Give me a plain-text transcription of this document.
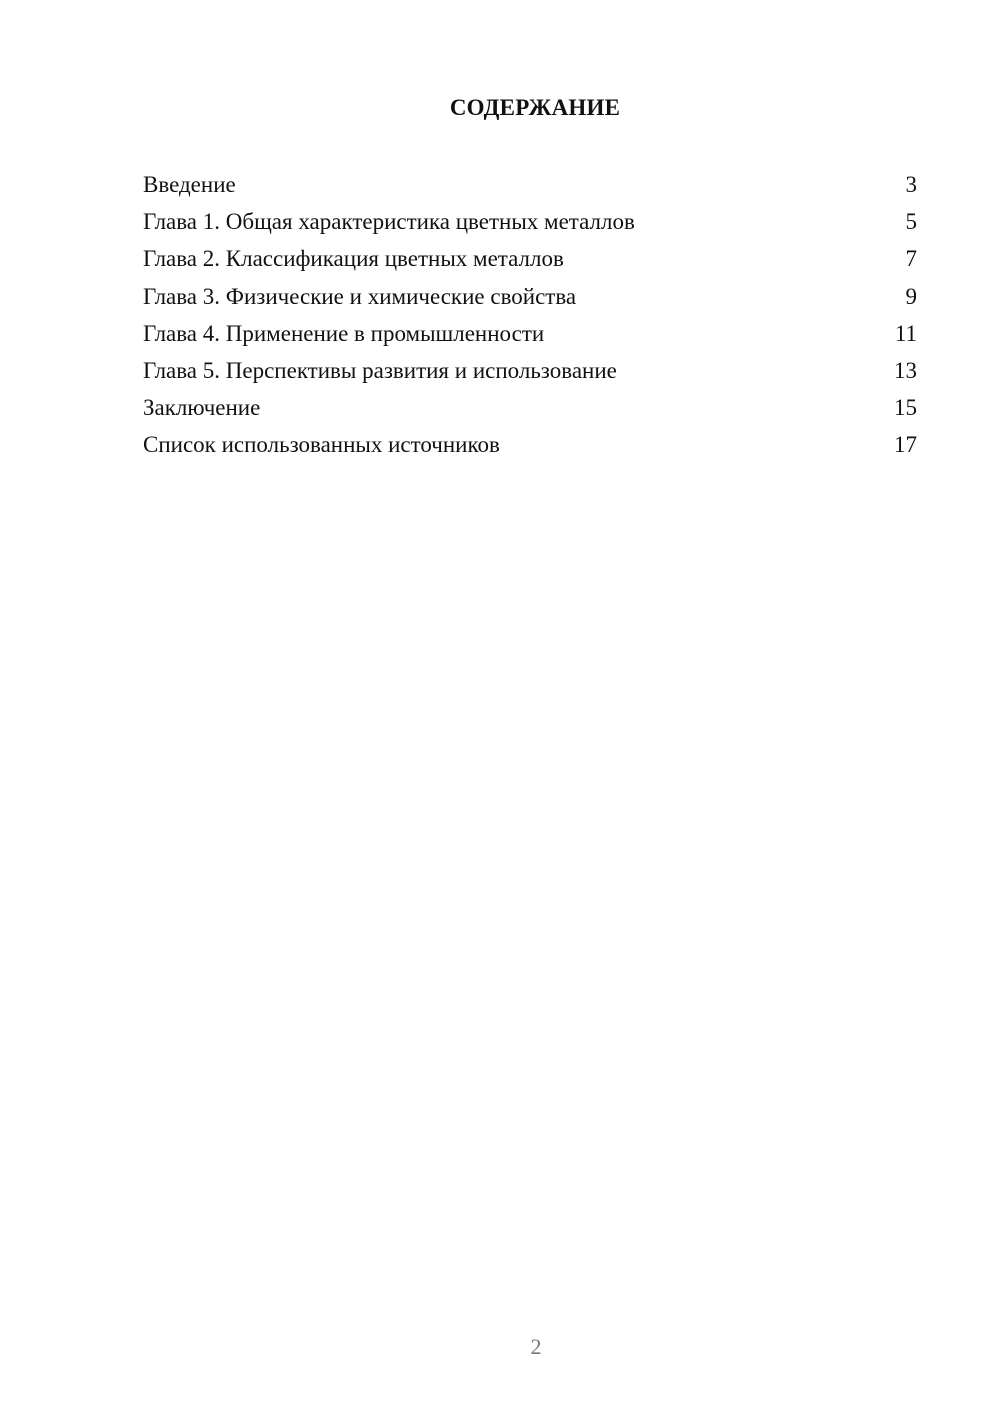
СОДЕРЖАНИЕ
Введение	3
Глава 1. Общая характеристика цветных металлов	5
Глава 2. Классификация цветных металлов	7
Глава 3. Физические и химические свойства	9
Глава 4. Применение в промышленности	11
Глава 5. Перспективы развития и использование	13
Заключение	15
Список использованных источников	17
2
